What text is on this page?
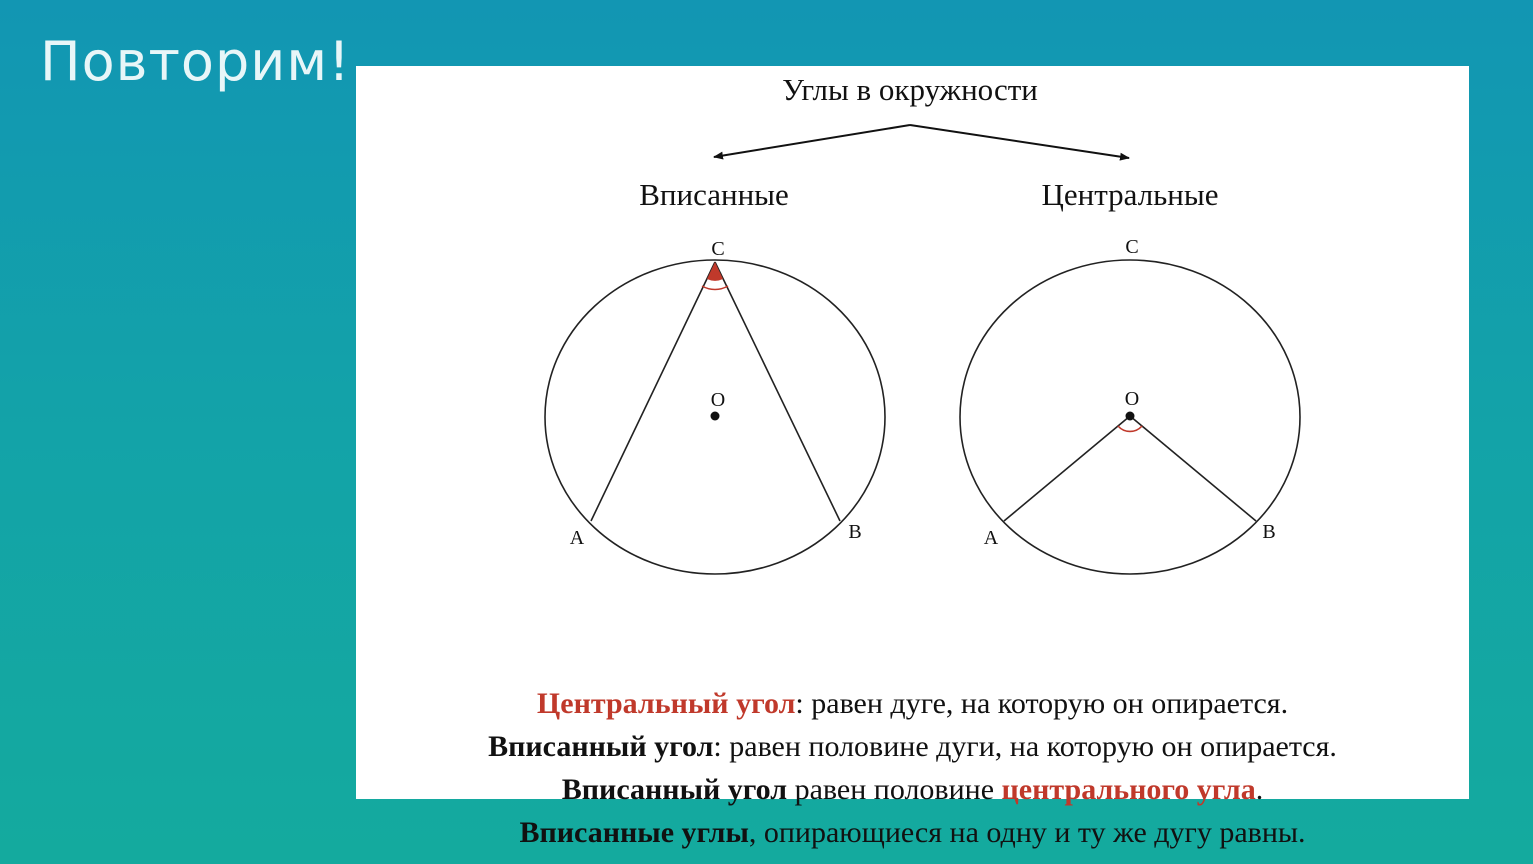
Повторим!	Углы в окружности
Вписанные	Центральные
C
O
A	B
C
O
A	B
Центральный угол: равен дуге, на которую он опирается.
Вписанный угол: равен половине дуги, на которую он опирается.
Вписанный угол равен половине центрального угла.
Вписанные углы, опирающиеся на одну и ту же дугу равны.
